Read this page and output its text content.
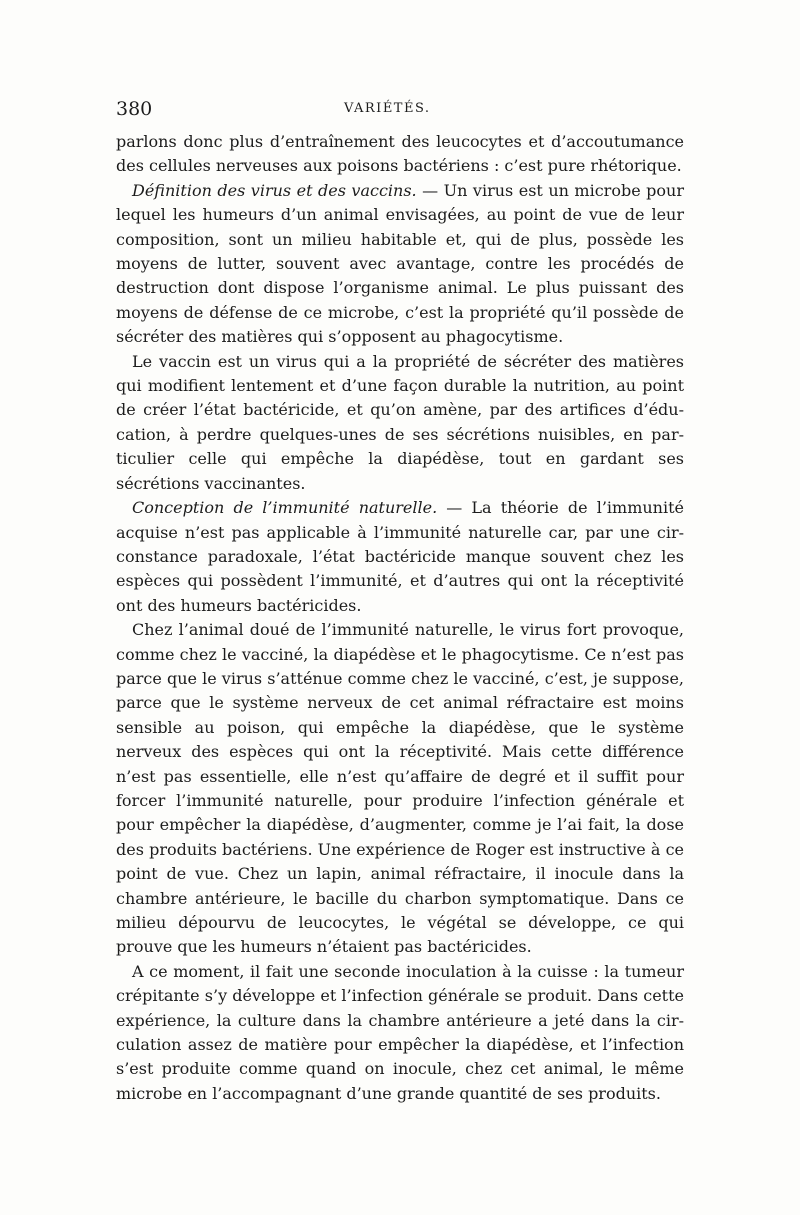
380	VARIÉTÉS.

parlons donc plus d’entraînement des leucocytes et d’accoutumance des cellules nerveuses aux poisons bactériens : c’est pure rhétorique.

Définition des virus et des vaccins. — Un virus est un microbe pour lequel les humeurs d’un animal envisagées, au point de vue de leur composition, sont un milieu habitable et, qui de plus, possède les moyens de lutter, souvent avec avantage, contre les procédés de destruction dont dispose l’organisme animal. Le plus puissant des moyens de défense de ce microbe, c’est la propriété qu’il possède de sécréter des matières qui s’opposent au phagocytisme.

Le vaccin est un virus qui a la propriété de sécréter des matières qui modifient lentement et d’une façon durable la nutrition, au point de créer l’état bactéricide, et qu’on amène, par des artifices d’éducation, à perdre quelques-unes de ses sécrétions nuisibles, en particulier celle qui empêche la diapédèse, tout en gardant ses sécrétions vaccinantes.

Conception de l’immunité naturelle. — La théorie de l’immunité acquise n’est pas applicable à l’immunité naturelle car, par une circonstance paradoxale, l’état bactéricide manque souvent chez les espèces qui possèdent l’immunité, et d’autres qui ont la réceptivité ont des humeurs bactéricides.

Chez l’animal doué de l’immunité naturelle, le virus fort provoque, comme chez le vacciné, la diapédèse et le phagocytisme. Ce n’est pas parce que le virus s’atténue comme chez le vacciné, c’est, je suppose, parce que le système nerveux de cet animal réfractaire est moins sensible au poison, qui empêche la diapédèse, que le système nerveux des espèces qui ont la réceptivité. Mais cette différence n’est pas essentielle, elle n’est qu’affaire de degré et il suffit pour forcer l’immunité naturelle, pour produire l’infection générale et pour empêcher la diapédèse, d’augmenter, comme je l’ai fait, la dose des produits bactériens. Une expérience de Roger est instructive à ce point de vue. Chez un lapin, animal réfractaire, il inocule dans la chambre antérieure, le bacille du charbon symptomatique. Dans ce milieu dépourvu de leucocytes, le végétal se développe, ce qui prouve que les humeurs n’étaient pas bactéricides.

A ce moment, il fait une seconde inoculation à la cuisse : la tumeur crépitante s’y développe et l’infection générale se produit. Dans cette expérience, la culture dans la chambre antérieure a jeté dans la circulation assez de matière pour empêcher la diapédèse, et l’infection s’est produite comme quand on inocule, chez cet animal, le même microbe en l’accompagnant d’une grande quantité de ses produits.
